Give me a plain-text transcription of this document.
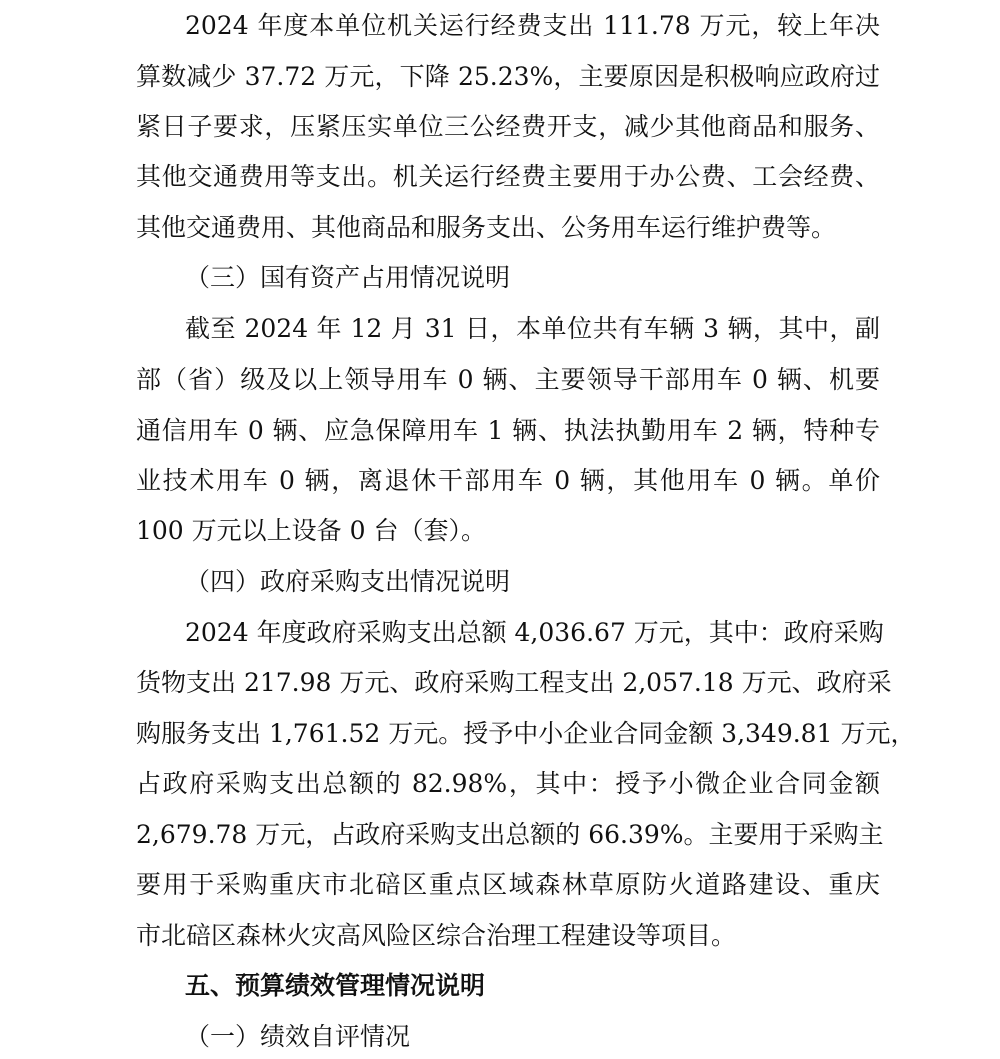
2024 年度本单位机关运行经费支出 111.78 万元，较上年决
算数减少 37.72 万元，下降 25.23%，主要原因是积极响应政府过
紧日子要求，压紧压实单位三公经费开支，减少其他商品和服务、
其他交通费用等支出。机关运行经费主要用于办公费、工会经费、
其他交通费用、其他商品和服务支出、公务用车运行维护费等。
（三）国有资产占用情况说明
截至 2024 年 12 月 31 日，本单位共有车辆 3 辆，其中，副
部（省）级及以上领导用车 0 辆、主要领导干部用车 0 辆、机要
通信用车 0 辆、应急保障用车 1 辆、执法执勤用车 2 辆，特种专
业技术用车 0 辆，离退休干部用车 0 辆，其他用车 0 辆。单价
100 万元以上设备 0 台（套）。
（四）政府采购支出情况说明
2024 年度政府采购支出总额 4,036.67 万元，其中：政府采购
货物支出 217.98 万元、政府采购工程支出 2,057.18 万元、政府采
购服务支出 1,761.52 万元。授予中小企业合同金额 3,349.81 万元，
占政府采购支出总额的 82.98%，其中：授予小微企业合同金额
2,679.78 万元，占政府采购支出总额的 66.39%。主要用于采购主
要用于采购重庆市北碚区重点区域森林草原防火道路建设、重庆
市北碚区森林火灾高风险区综合治理工程建设等项目。
五、预算绩效管理情况说明
（一）绩效自评情况
